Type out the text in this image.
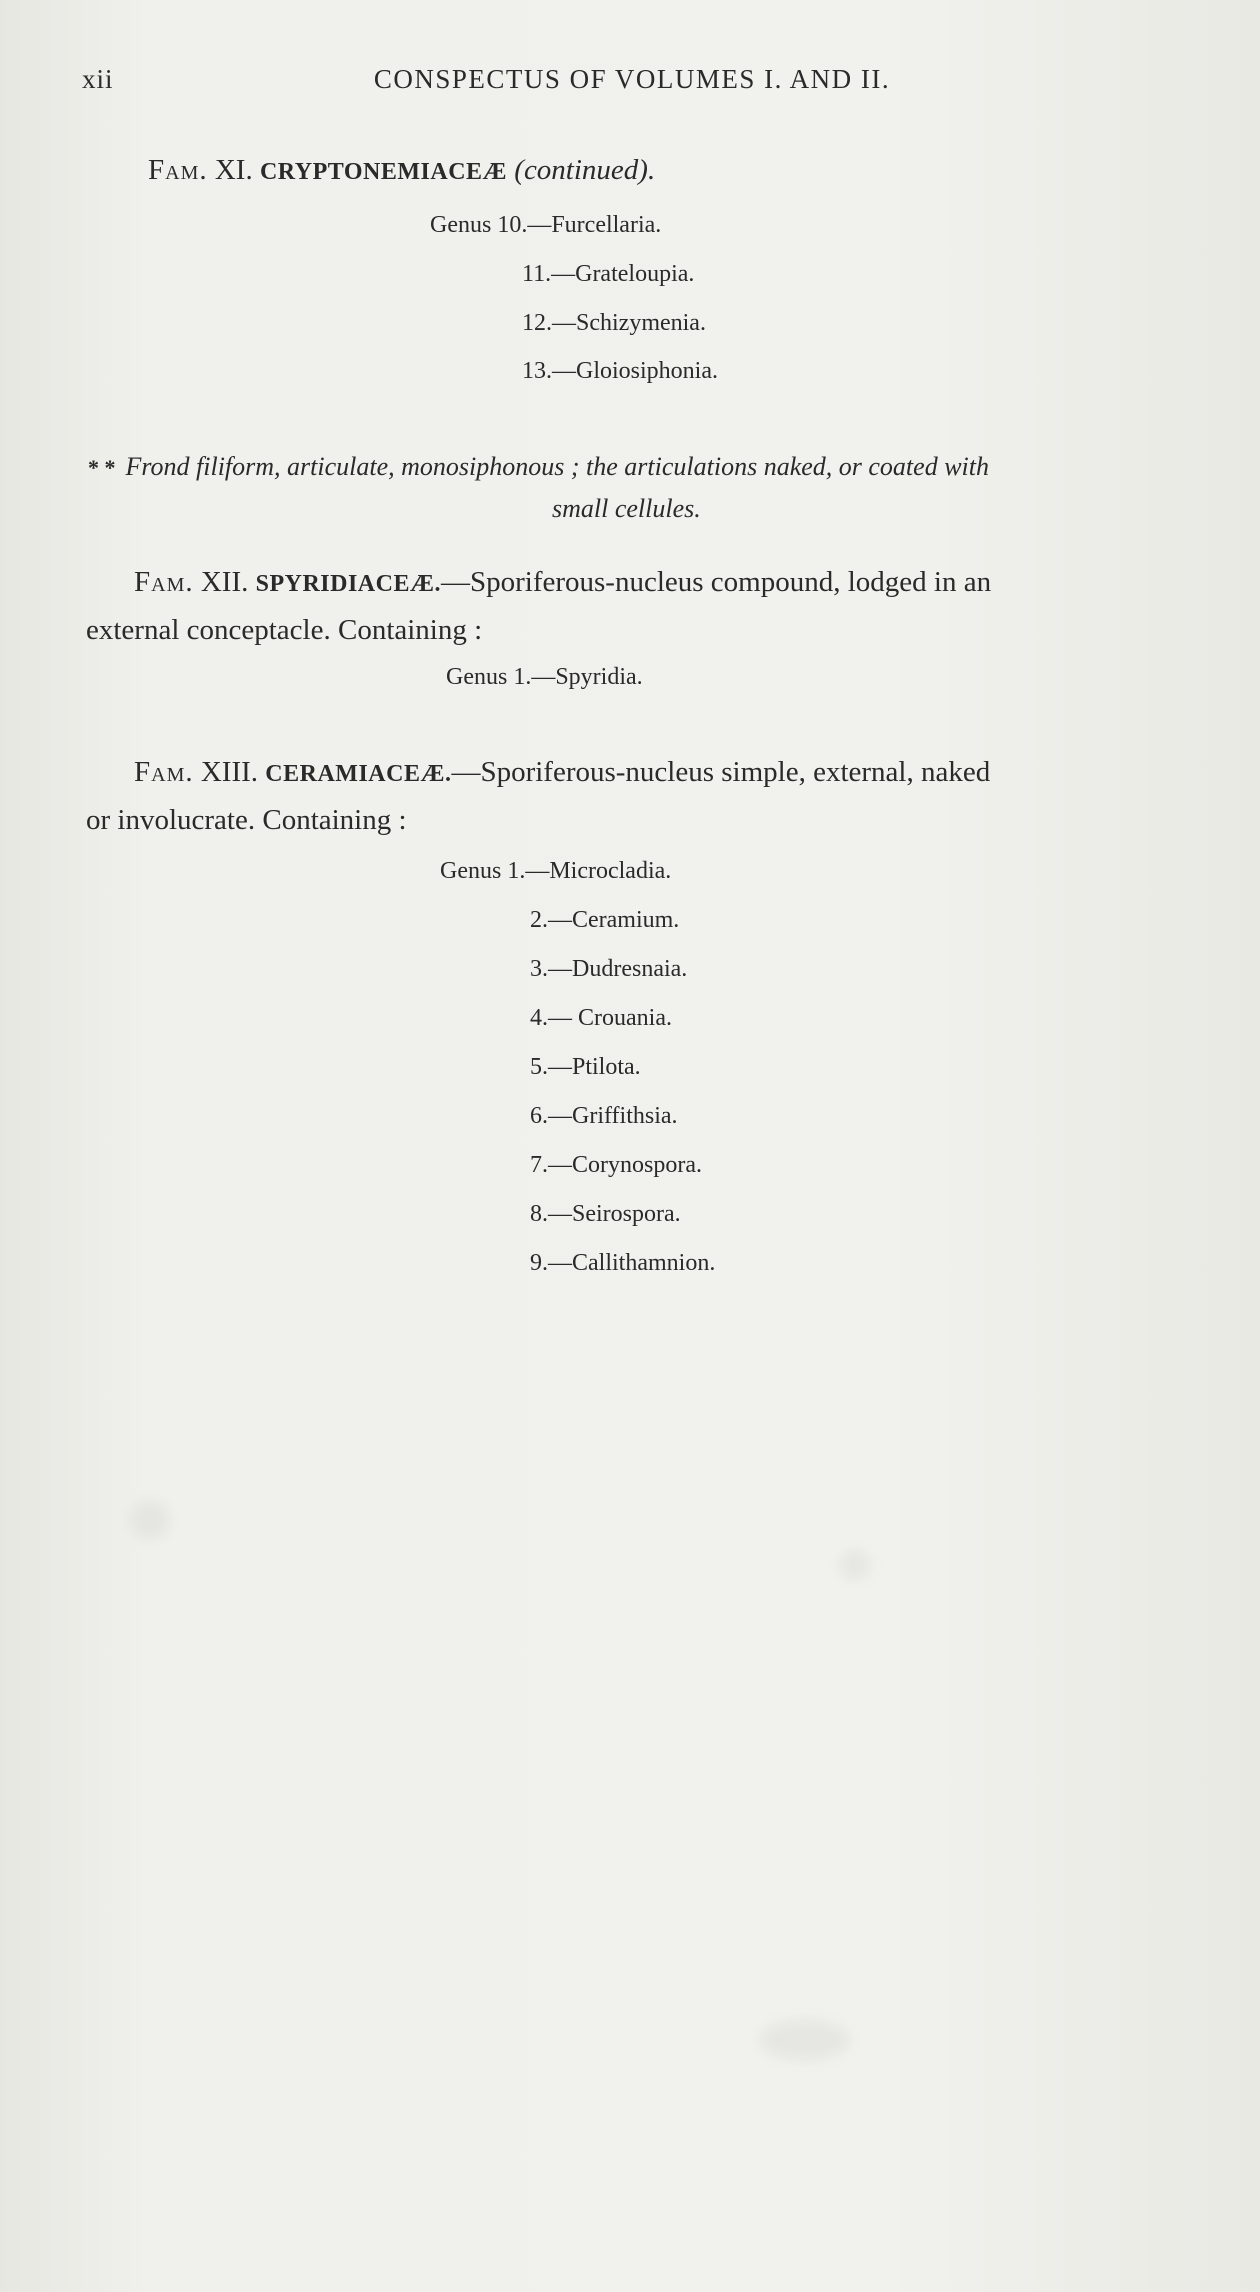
xii	CONSPECTUS OF VOLUMES I. AND II.
Fam. XI. CRYPTONEMIACEÆ (continued).
Genus 10.—Furcellaria.
11.—Grateloupia.
12.—Schizymenia.
13.—Gloiosiphonia.
* * Frond filiform, articulate, monosiphonous ; the articulations naked, or coated with
small cellules.
Fam. XII. SPYRIDIACEÆ.—Sporiferous-nucleus compound, lodged in an
external conceptacle. Containing :
Genus 1.—Spyridia.
Fam. XIII. CERAMIACEÆ.—Sporiferous-nucleus simple, external, naked
or involucrate. Containing :
Genus 1.—Microcladia.
2.—Ceramium.
3.—Dudresnaia.
4.— Crouania.
5.—Ptilota.
6.—Griffithsia.
7.—Corynospora.
8.—Seirospora.
9.—Callithamnion.
